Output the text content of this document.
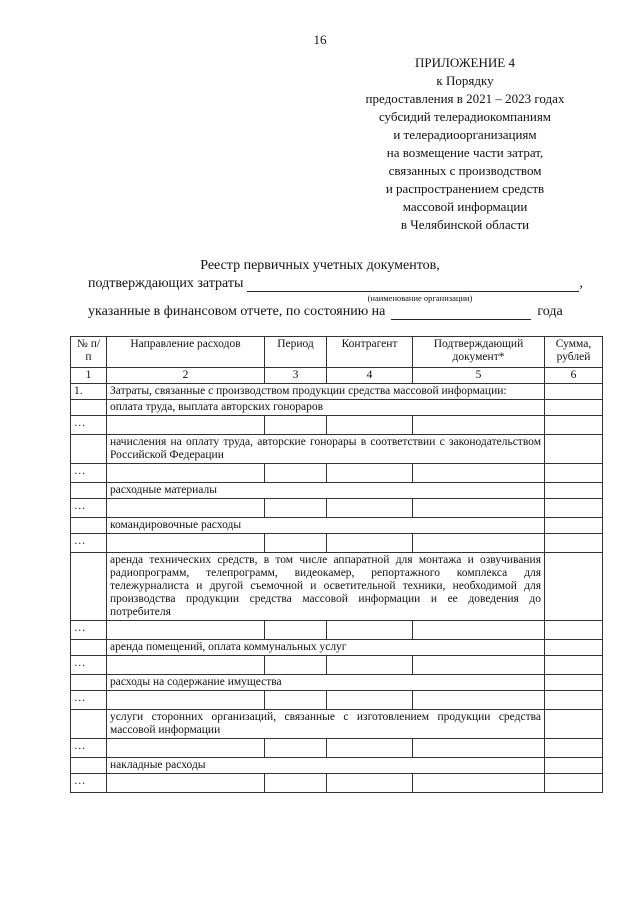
16
ПРИЛОЖЕНИЕ 4
к Порядку
предоставления в 2021 – 2023 годах
субсидий телерадиокомпаниям
и телерадиоорганизациям
на возмещение части затрат,
связанных с производством
и распространением средств
массовой информации
в Челябинской области
Реестр первичных учетных документов,
подтверждающих затраты	,
(наименование организации)
указанные в финансовом отчете, по состоянию на	года
№ п/п	Направление расходов	Период	Контрагент	Подтверждающий документ*	Сумма, рублей
1	2	3	4	5	6
1.	Затраты, связанные с производством продукции средства массовой информации:				
	оплата труда, выплата авторских гонораров				
…					
	начисления на оплату труда, авторские гонорары в соответствии с законодательством Российской Федерации				
…					
	расходные материалы				
…					
	командировочные расходы				
…					
	аренда технических средств, в том числе аппаратной для монтажа и озвучивания радиопрограмм, телепрограмм, видеокамер, репортажного комплекса для тележурналиста и другой съемочной и осветительной техники, необходимой для производства продукции средства массовой информации и ее доведения до потребителя				
…					
	аренда помещений, оплата коммунальных услуг				
…					
	расходы на содержание имущества				
…					
	услуги сторонних организаций, связанные с изготовлением продукции средства массовой информации				
…					
	накладные расходы				
…					
